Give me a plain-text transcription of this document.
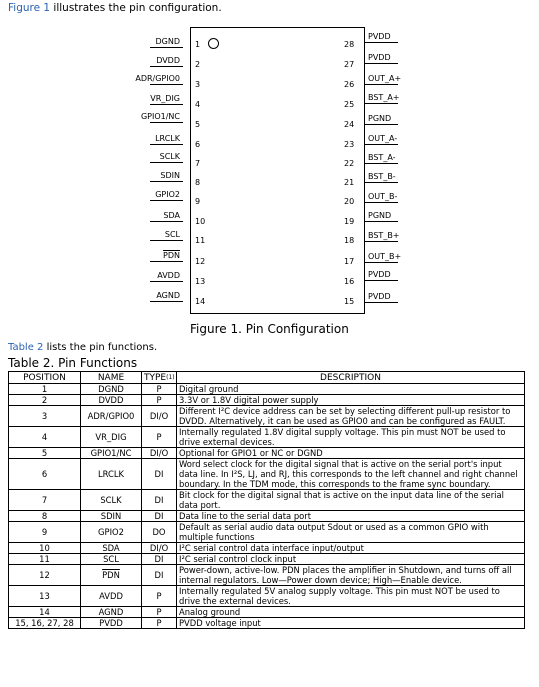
Figure 1 illustrates the pin configuration.
DGND 1
DVDD 2
ADR/GPIO0
3
VR_DIG
4
GPIO1/NC
5
LRCLK
6
SCLK
7
SDIN
8
GPIO2
9
SDA
10
SCL
11
$\overline{PDN}$
12
AVDD
13
AGND
14
PVDD
28
PVDD
27
OUT_A+
26
BST_A+
25
PGND
24
OUT_A-
23
BST_A-
22
BST_B-
21
OUT_B-
20
PGND
19
BST_B+
18
OUT_B+
17
PVDD
16
PVDD
15
Figure 1. Pin Configuration
Table 2 lists the pin functions.
Table 2. Pin Functions
POSITION	NAME	TYPE$^{(1)}$	DESCRIPTION
1	DGND	P	Digital ground
2	DVDD	P	3.3V or 1.8V digital power supply
3	ADR/GPIO0	DI/O	Different I²C device address can be set by selecting different pull-up resistor to DVDD. Alternatively, it can be used as GPIO0 and can be configured as FAULT.
4	VR_DIG	P	Internally regulated 1.8V digital supply voltage. This pin must NOT be used to drive external devices.
5	GPIO1/NC	DI/O	Optional for GPIO1 or NC or DGND
6	LRCLK	DI	Word select clock for the digital signal that is active on the serial port's input data line. In I²S, LJ, and RJ, this corresponds to the left channel and right channel boundary. In the TDM mode, this corresponds to the frame sync boundary.
7	SCLK	DI	Bit clock for the digital signal that is active on the input data line of the serial data port.
8	SDIN	DI	Data line to the serial data port
9	GPIO2	DO	Default as serial audio data output Sdout or used as a common GPIO with multiple functions
10	SDA	DI/O	I²C serial control data interface input/output
11	SCL	DI	I²C serial control clock input
12	$\overline{PDN}$	DI	Power-down, active-low. PDN places the amplifier in Shutdown, and turns off all internal regulators. Low—Power down device; High—Enable device.
13	AVDD	P	Internally regulated 5V analog supply voltage. This pin must NOT be used to drive the external devices.
14	AGND	P	Analog ground
15, 16, 27, 28	PVDD	P	PVDD voltage input
